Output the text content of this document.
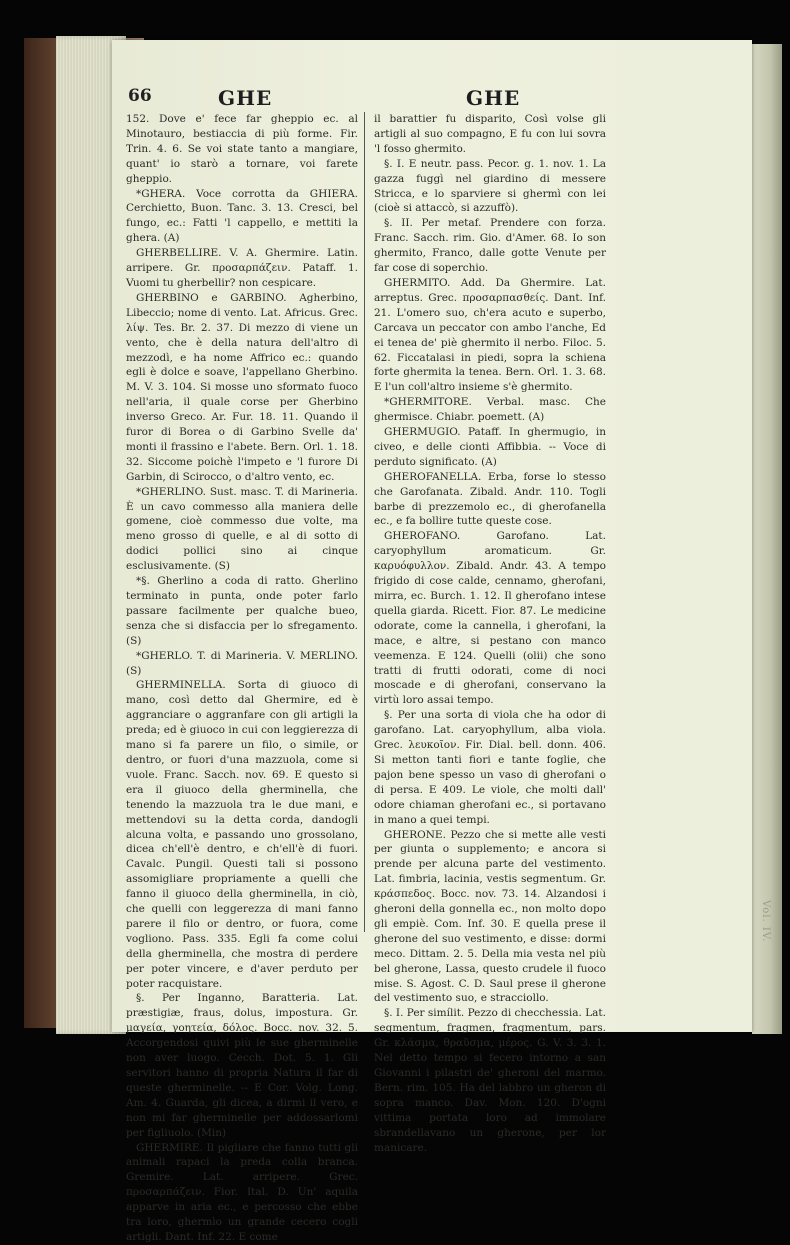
Vol. IV.
66	GHE	GHE

152. Dove e' fece far gheppio ec. al Minotauro, bestiaccia di più forme. Fir. Trin. 4. 6. Se voi state tanto a mangiare, quant' io starò a tornare, voi farete gheppio.

*GHERA. Voce corrotta da GHIERA. Cerchietto, Buon. Tanc. 3. 13. Cresci, bel fungo, ec.: Fatti 'l cappello, e mettiti la ghera. (A)

GHERBELLIRE. V. A. Ghermire. Latin. arripere. Gr. προσαρπάζειν. Pataff. 1. Vuomi tu gherbellir? non cespicare.

GHERBINO e GARBINO. Agherbino, Libeccio; nome di vento. Lat. Africus. Grec. λίψ. Tes. Br. 2. 37. Di mezzo di viene un vento, che è della natura dell'altro di mezzodì, e ha nome Affrico ec.: quando egli è dolce e soave, l'appellano Gherbino. M. V. 3. 104. Si mosse uno sformato fuoco nell'aria, il quale corse per Gherbino inverso Greco. Ar. Fur. 18. 11. Quando il furor di Borea o di Garbino Svelle da' monti il frassino e l'abete. Bern. Orl. 1. 18. 32. Siccome poichè l'impeto e 'l furore Di Garbin, di Scirocco, o d'altro vento, ec.

*GHERLINO. Sust. masc. T. di Marineria. È un cavo commesso alla maniera delle gomene, cioè commesso due volte, ma meno grosso di quelle, e al di sotto di dodici pollici sino ai cinque esclusivamente. (S)

*§. Gherlino a coda di ratto. Gherlino terminato in punta, onde poter farlo passare facilmente per qualche bueo, senza che si disfaccia per lo sfregamento. (S)

*GHERLO. T. di Marineria. V. MERLINO. (S)

GHERMINELLA. Sorta di giuoco di mano, così detto dal Ghermire, ed è aggranciare o aggranfare con gli artigli la preda; ed è giuoco in cui con leggierezza di mano si fa parere un filo, o simile, or dentro, or fuori d'una mazzuola, come si vuole. Franc. Sacch. nov. 69. E questo si era il giuoco della gherminella, che tenendo la mazzuola tra le due mani, e mettendovi su la detta corda, dandogli alcuna volta, e passando uno grossolano, dicea ch'ell'è dentro, e ch'ell'è di fuori. Cavalc. Pungil. Questi tali si possono assomigliare propriamente a quelli che fanno il giuoco della gherminella, in ciò, che quelli con leggerezza di mani fanno parere il filo or dentro, or fuora, come vogliono. Pass. 335. Egli fa come colui della gherminella, che mostra di perdere per poter vincere, e d'aver perduto per poter racquistare.

§. Per Inganno, Baratteria. Lat. præstigiæ, fraus, dolus, impostura. Gr. μαγεία, γοητεία, δόλος. Bocc. nov. 32. 5. Accorgendosi quivi più le sue gherminelle non aver luogo. Cecch. Dot. 5. 1. Gli servitori hanno di propria Natura il far di queste gherminelle. -- E Cor. Volg. Long. Am. 4. Guarda, gli dicea, a dirmi il vero, e non mi far gherminelle per addossarlomi per figliuolo. (Min)

GHERMIRE. Il pigliare che fanno tutti gli animali rapaci la preda colla branca. Gremire. Lat. arripere. Grec. προσαρπάζειν. Fior. Ital. D. Un' aquila apparve in aria ec., e percosso che ebbe tra loro, ghermìo un grande cecero cogli artigli. Dant. Inf. 22. E come

il barattier fu disparito, Così volse gli artigli al suo compagno, E fu con lui sovra 'l fosso ghermito.

§. I. E neutr. pass. Pecor. g. 1. nov. 1. La gazza fuggì nel giardino di messere Stricca, e lo sparviere si ghermì con lei (cioè si attaccò, si azzuffò).

§. II. Per metaf. Prendere con forza. Franc. Sacch. rim. Gio. d'Amer. 68. Io son ghermito, Franco, dalle gotte Venute per far cose di soperchio.

GHERMITO. Add. Da Ghermire. Lat. arreptus. Grec. προσαρπασθείς. Dant. Inf. 21. L'omero suo, ch'era acuto e superbo, Carcava un peccator con ambo l'anche, Ed ei tenea de' piè ghermito il nerbo. Filoc. 5. 62. Ficcatalasi in piedi, sopra la schiena forte ghermita la tenea. Bern. Orl. 1. 3. 68. E l'un coll'altro insieme s'è ghermito.

*GHERMITORE. Verbal. masc. Che ghermisce. Chiabr. poemett. (A)

GHERMUGIO. Pataff. In ghermugio, in civeo, e delle cionti Affibbia. -- Voce di perduto significato. (A)

GHEROFANELLA. Erba, forse lo stesso che Garofanata. Zibald. Andr. 110. Togli barbe di prezzemolo ec., di gherofanella ec., e fa bollire tutte queste cose.

GHEROFANO. Garofano. Lat. caryophyllum aromaticum. Gr. καρυόφυλλον. Zibald. Andr. 43. A tempo frigido di cose calde, cennamo, gherofani, mirra, ec. Burch. 1. 12. Il gherofano intese quella giarda. Ricett. Fior. 87. Le medicine odorate, come la cannella, i gherofani, la mace, e altre, si pestano con manco veemenza. E 124. Quelli (olii) che sono tratti di frutti odorati, come di noci moscade e di gherofani, conservano la virtù loro assai tempo.

§. Per una sorta di viola che ha odor di garofano. Lat. caryophyllum, alba viola. Grec. λευκοῖον. Fir. Dial. bell. donn. 406. Si metton tanti fiori e tante foglie, che pajon bene spesso un vaso di gherofani o di persa. E 409. Le viole, che molti dall' odore chiaman gherofani ec., si portavano in mano a quei tempi.

GHERONE. Pezzo che si mette alle vesti per giunta o supplemento; e ancora si prende per alcuna parte del vestimento. Lat. fimbria, lacinia, vestis segmentum. Gr. κράσπεδος. Bocc. nov. 73. 14. Alzandosi i gheroni della gonnella ec., non molto dopo gli empiè. Com. Inf. 30. E quella prese il gherone del suo vestimento, e disse: dormi meco. Dittam. 2. 5. Della mia vesta nel più bel gherone, Lassa, questo crudele il fuoco mise. S. Agost. C. D. Saul prese il gherone del vestimento suo, e stracciollo.

§. I. Per simílit. Pezzo di checchessia. Lat. segmentum, fragmen, fragmentum, pars. Gr. κλάσμα, θραῦσμα, μέρος. G. V. 3. 3. 1. Nel detto tempo si fecero intorno a san Giovanni i pilastri de' gheroni del marmo. Bern. rim. 105. Ha del labbro un gheron di sopra manco. Dav. Mon. 120. D'ogni vittima portata loro ad immolare sbrandellavano un gherone, per lor manicare.
